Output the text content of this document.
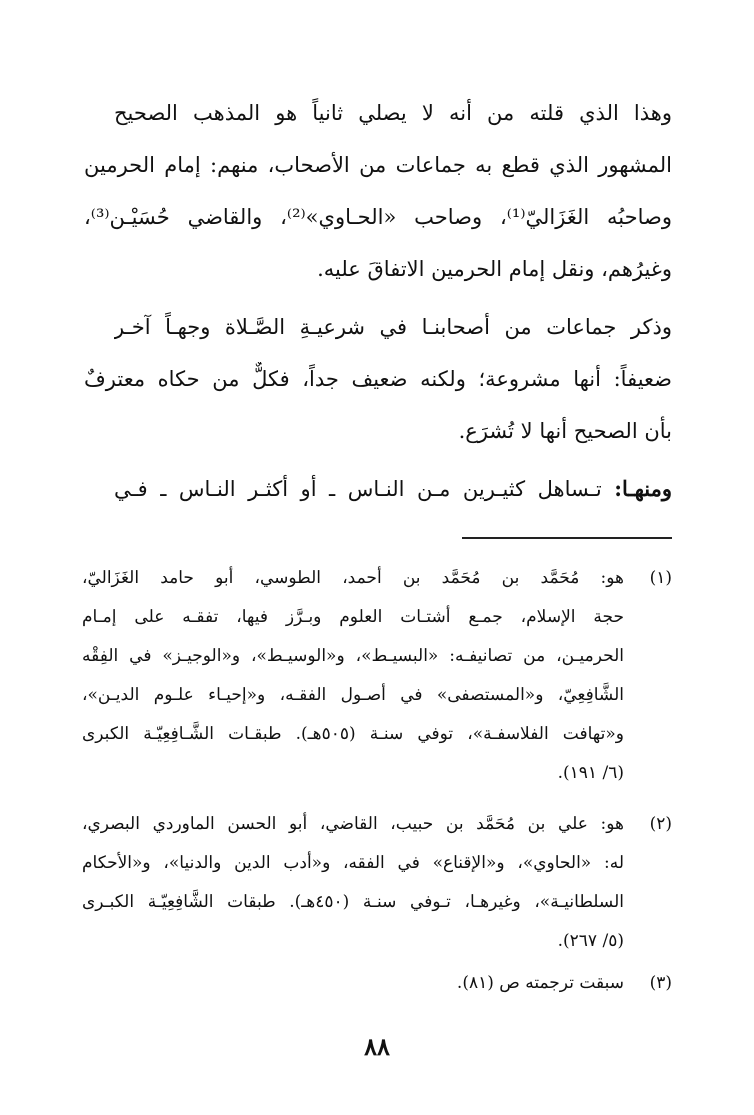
وهذا الذي قلته من أنه لا يصلي ثانياً هو المذهب الصحيح
المشهور الذي قطع به جماعات من الأصحاب، منهم: إمام الحرمين
وصاحبُه الغَزَاليّ⁽¹⁾، وصاحب «الحـاوي»⁽²⁾، والقاضي حُسَيْـن⁽³⁾،
وغيرُهم، ونقل إمام الحرمين الاتفاقَ عليه.
وذكر جماعات من أصحابنـا في شرعيـةِ الصَّـلاة وجهـاً آخـر
ضعيفاً: أنها مشروعة؛ ولكنه ضعيف جداً، فكلٌّ من حكاه معترفٌ
بأن الصحيح أنها لا تُشرَع.
ومنهـا: تـساهل كثيـرين مـن النـاس ـ أو أكثـر النـاس ـ فـي
(١)
هو: مُحَمَّد بن مُحَمَّد بن أحمد، الطوسي، أبو حامد الغَزَاليّ،
حجة الإسلام، جمـع أشتـات العلوم وبـرَّز فيها، تفقـه على إمـام
الحرميـن، من تصانيفـه: «البسيـط»، و«الوسيـط»، و«الوجيـز» في الفِقْه
الشَّافِعِيّ، و«المستصفى» في أصـول الفقـه، و«إحيـاء علـوم الديـن»،
و«تهافت الفلاسفـة»، توفي سنـة (٥٠٥هـ). طبقـات الشَّـافِعِيّـة الكبرى
(٦/ ١٩١).
(٢)
هو: علي بن مُحَمَّد بن حبيب، القاضي، أبو الحسن الماوردي البصري،
له: «الحاوي»، و«الإقناع» في الفقه، و«أدب الدين والدنيا»، و«الأحكام
السلطانيـة»، وغيرهـا، تـوفي سنـة (٤٥٠هـ). طبقات الشَّافِعِيّـة الكبـرى
(٥/ ٢٦٧).
(٣)
سبقت ترجمته ص (٨١).
٨٨
